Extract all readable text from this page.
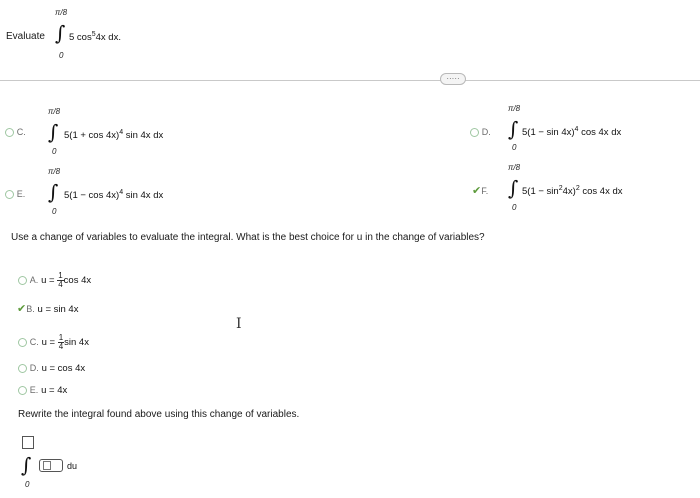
Evaluate
π/8
∫
0
5 $\cos^54x$ dx.
·····
C.
π/8
∫
0
$5(1 + \cos 4x)^4$ sin 4x dx	D.
π/8
∫
0
$5(1 - \sin 4x)^4$ cos 4x dx
E.
π/8
∫
0
$5(1 - \cos 4x)^4$ sin 4x dx	✔F.
π/8
∫
0
$5(1 - \sin^24x)^2$ cos 4x dx
Use a change of variables to evaluate the integral. What is the best choice for u in the change of variables?
A. $u = \frac{1}{4}$ cos 4x
✔B. u = sin 4x
C. $u = \frac{1}{4}$ sin 4x
D. u = cos 4x
E. u = 4x
I
Rewrite the integral found above using this change of variables.
∫
0
du
